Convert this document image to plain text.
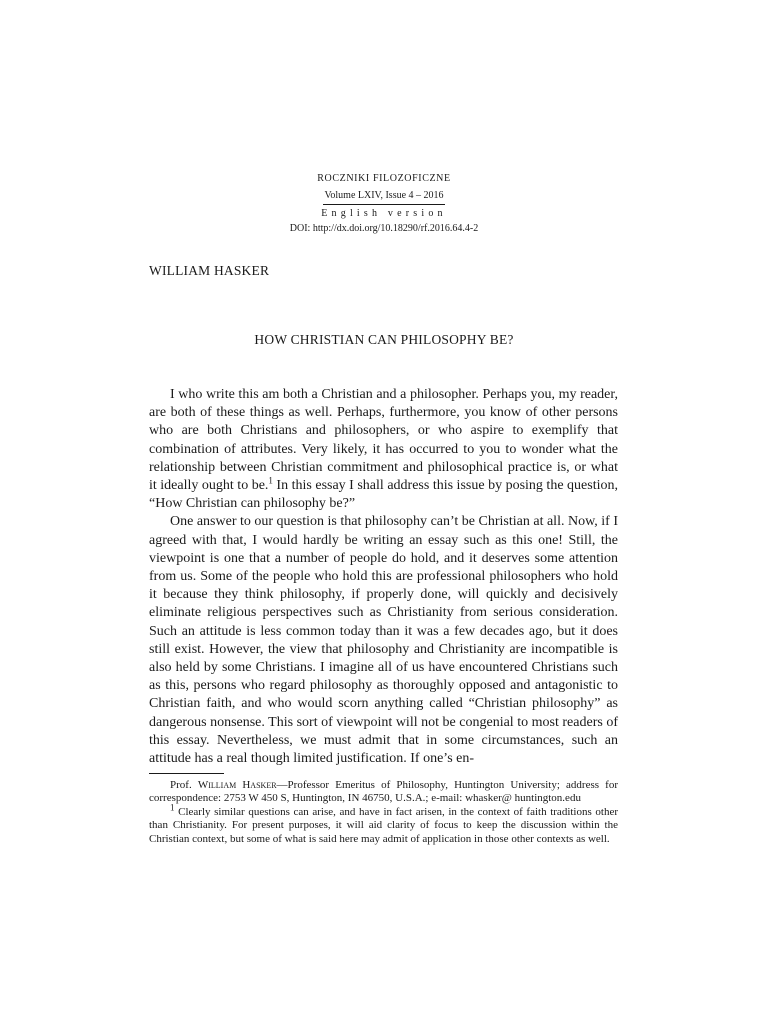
ROCZNIKI FILOZOFICZNE
Volume LXIV, Issue 4 – 2016
English version
DOI: http://dx.doi.org/10.18290/rf.2016.64.4-2
WILLIAM HASKER
HOW CHRISTIAN CAN PHILOSOPHY BE?

I who write this am both a Christian and a philosopher. Perhaps you, my reader, are both of these things as well. Perhaps, furthermore, you know of other persons who are both Christians and philosophers, or who aspire to exemplify that combination of attributes. Very likely, it has occurred to you to wonder what the relationship between Christian commitment and philosophical practice is, or what it ideally ought to be.$^1$ In this essay I shall address this issue by posing the question, “How Christian can philosophy be?”

One answer to our question is that philosophy can’t be Christian at all. Now, if I agreed with that, I would hardly be writing an essay such as this one! Still, the viewpoint is one that a number of people do hold, and it deserves some attention from us. Some of the people who hold this are professional philosophers who hold it because they think philosophy, if properly done, will quickly and decisively eliminate religious perspectives such as Christianity from serious consideration. Such an attitude is less common today than it was a few decades ago, but it does still exist. However, the view that philosophy and Christianity are incompatible is also held by some Christians. I imagine all of us have encountered Christians such as this, persons who regard philosophy as thoroughly opposed and antagonistic to Christian faith, and who would scorn anything called “Christian philosophy” as dangerous nonsense. This sort of viewpoint will not be congenial to most readers of this essay. Nevertheless, we must admit that in some circumstances, such an attitude has a real though limited justification. If one’s en-

Prof. William Hasker—Professor Emeritus of Philosophy, Huntington University; address for correspondence: 2753 W 450 S, Huntington, IN 46750, U.S.A.; e-mail: whasker@ huntington.edu

$^1$ Clearly similar questions can arise, and have in fact arisen, in the context of faith traditions other than Christianity. For present purposes, it will aid clarity of focus to keep the discussion within the Christian context, but some of what is said here may admit of application in those other contexts as well.
